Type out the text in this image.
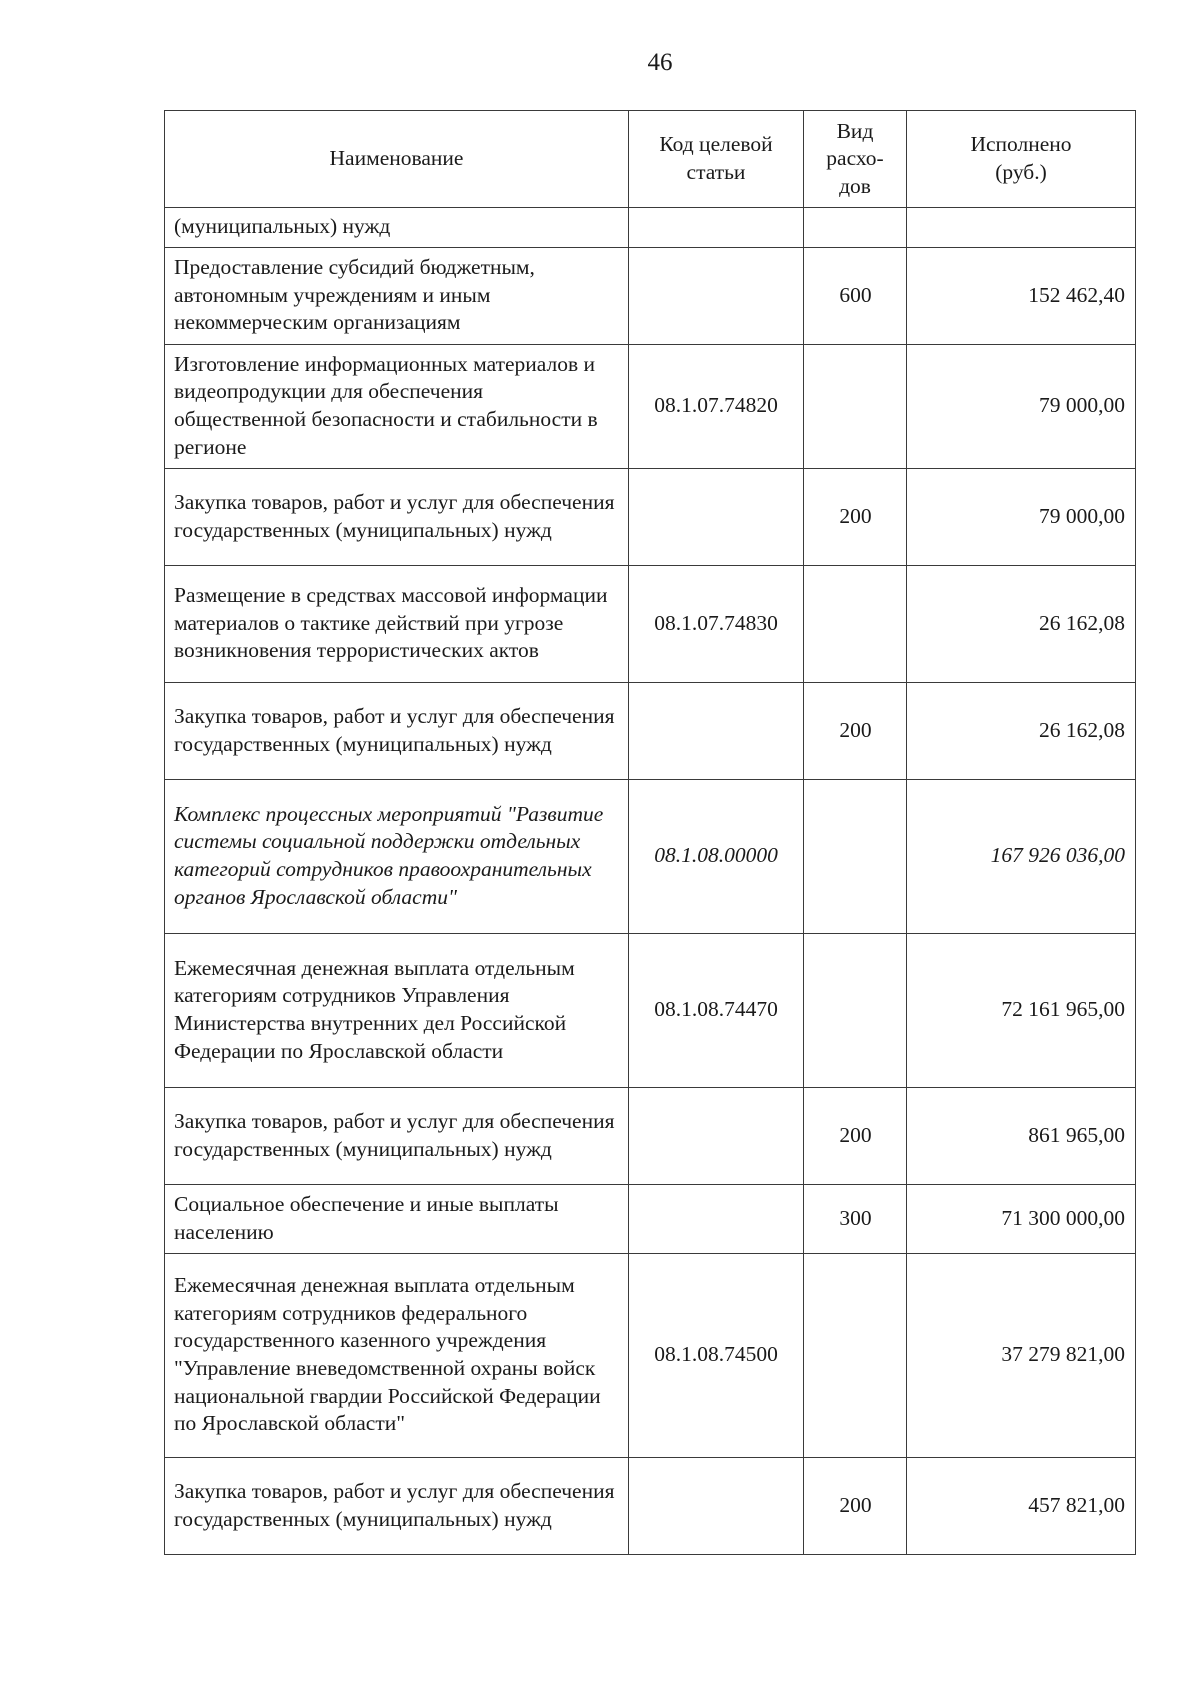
46
Наименование	Код целевой статьи	Вид расхо-дов	Исполнено (руб.)
(муниципальных) нужд			
Предоставление субсидий бюджетным, автономным учреждениям и иным некоммерческим организациям		600	152 462,40
Изготовление информационных материалов и видеопродукции для обеспечения общественной безопасности и стабильности в регионе	08.1.07.74820		79 000,00
Закупка товаров, работ и услуг для обеспечения государственных (муниципальных) нужд		200	79 000,00
Размещение в средствах массовой информации материалов о тактике действий при угрозе возникновения террористических актов	08.1.07.74830		26 162,08
Закупка товаров, работ и услуг для обеспечения государственных (муниципальных) нужд		200	26 162,08
Комплекс процессных мероприятий "Развитие системы социальной поддержки отдельных категорий сотрудников правоохранительных органов Ярославской области"	08.1.08.00000		167 926 036,00
Ежемесячная денежная выплата отдельным категориям сотрудников Управления Министерства внутренних дел Российской Федерации по Ярославской области	08.1.08.74470		72 161 965,00
Закупка товаров, работ и услуг для обеспечения государственных (муниципальных) нужд		200	861 965,00
Социальное обеспечение и иные выплаты населению		300	71 300 000,00
Ежемесячная денежная выплата отдельным категориям сотрудников федерального государственного казенного учреждения "Управление вневедомственной охраны войск национальной гвардии Российской Федерации по Ярославской области"	08.1.08.74500		37 279 821,00
Закупка товаров, работ и услуг для обеспечения государственных (муниципальных) нужд		200	457 821,00
